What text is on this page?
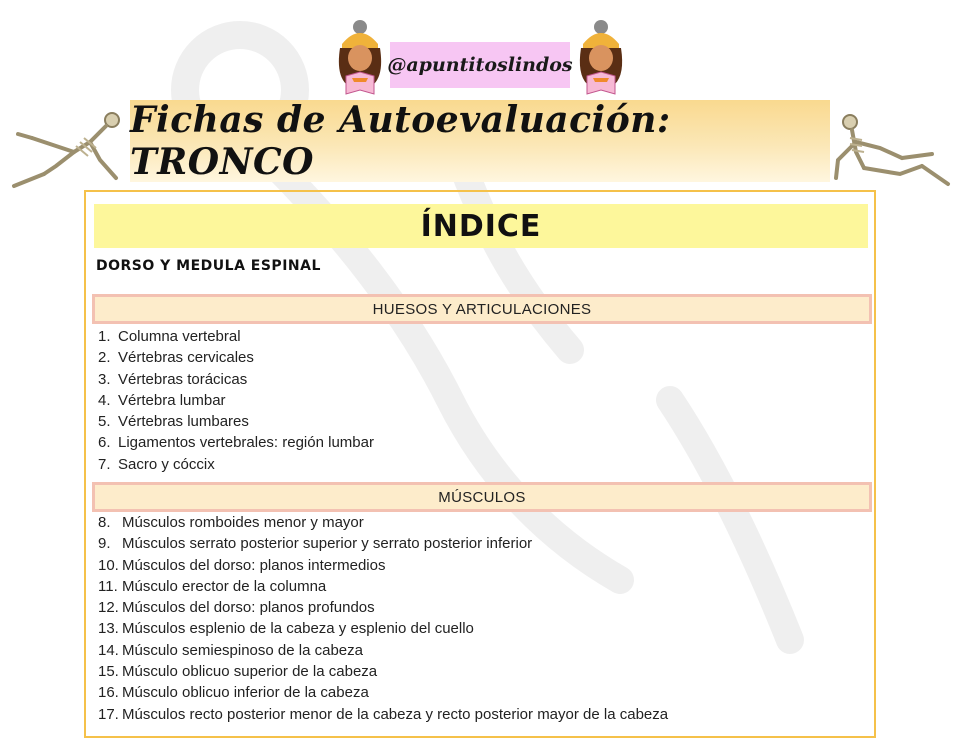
@apuntitoslindos
Fichas de Autoevaluación: TRONCO
ÍNDICE
DORSO Y MEDULA ESPINAL
HUESOS Y ARTICULACIONES
1. Columna vertebral
2. Vértebras cervicales
3. Vértebras torácicas
4. Vértebra lumbar
5. Vértebras lumbares
6. Ligamentos vertebrales: región lumbar
7. Sacro y cóccix
MÚSCULOS
8. Músculos romboides menor y mayor
9. Músculos serrato posterior superior y serrato posterior inferior
10. Músculos del dorso: planos intermedios
11. Músculo erector de la columna
12. Músculos del dorso: planos profundos
13. Músculos esplenio de la cabeza y esplenio del cuello
14. Músculo semiespinoso de la cabeza
15. Músculo oblicuo superior de la cabeza
16. Músculo oblicuo inferior de la cabeza
17. Músculos recto posterior menor de la cabeza y recto posterior mayor de la cabeza
